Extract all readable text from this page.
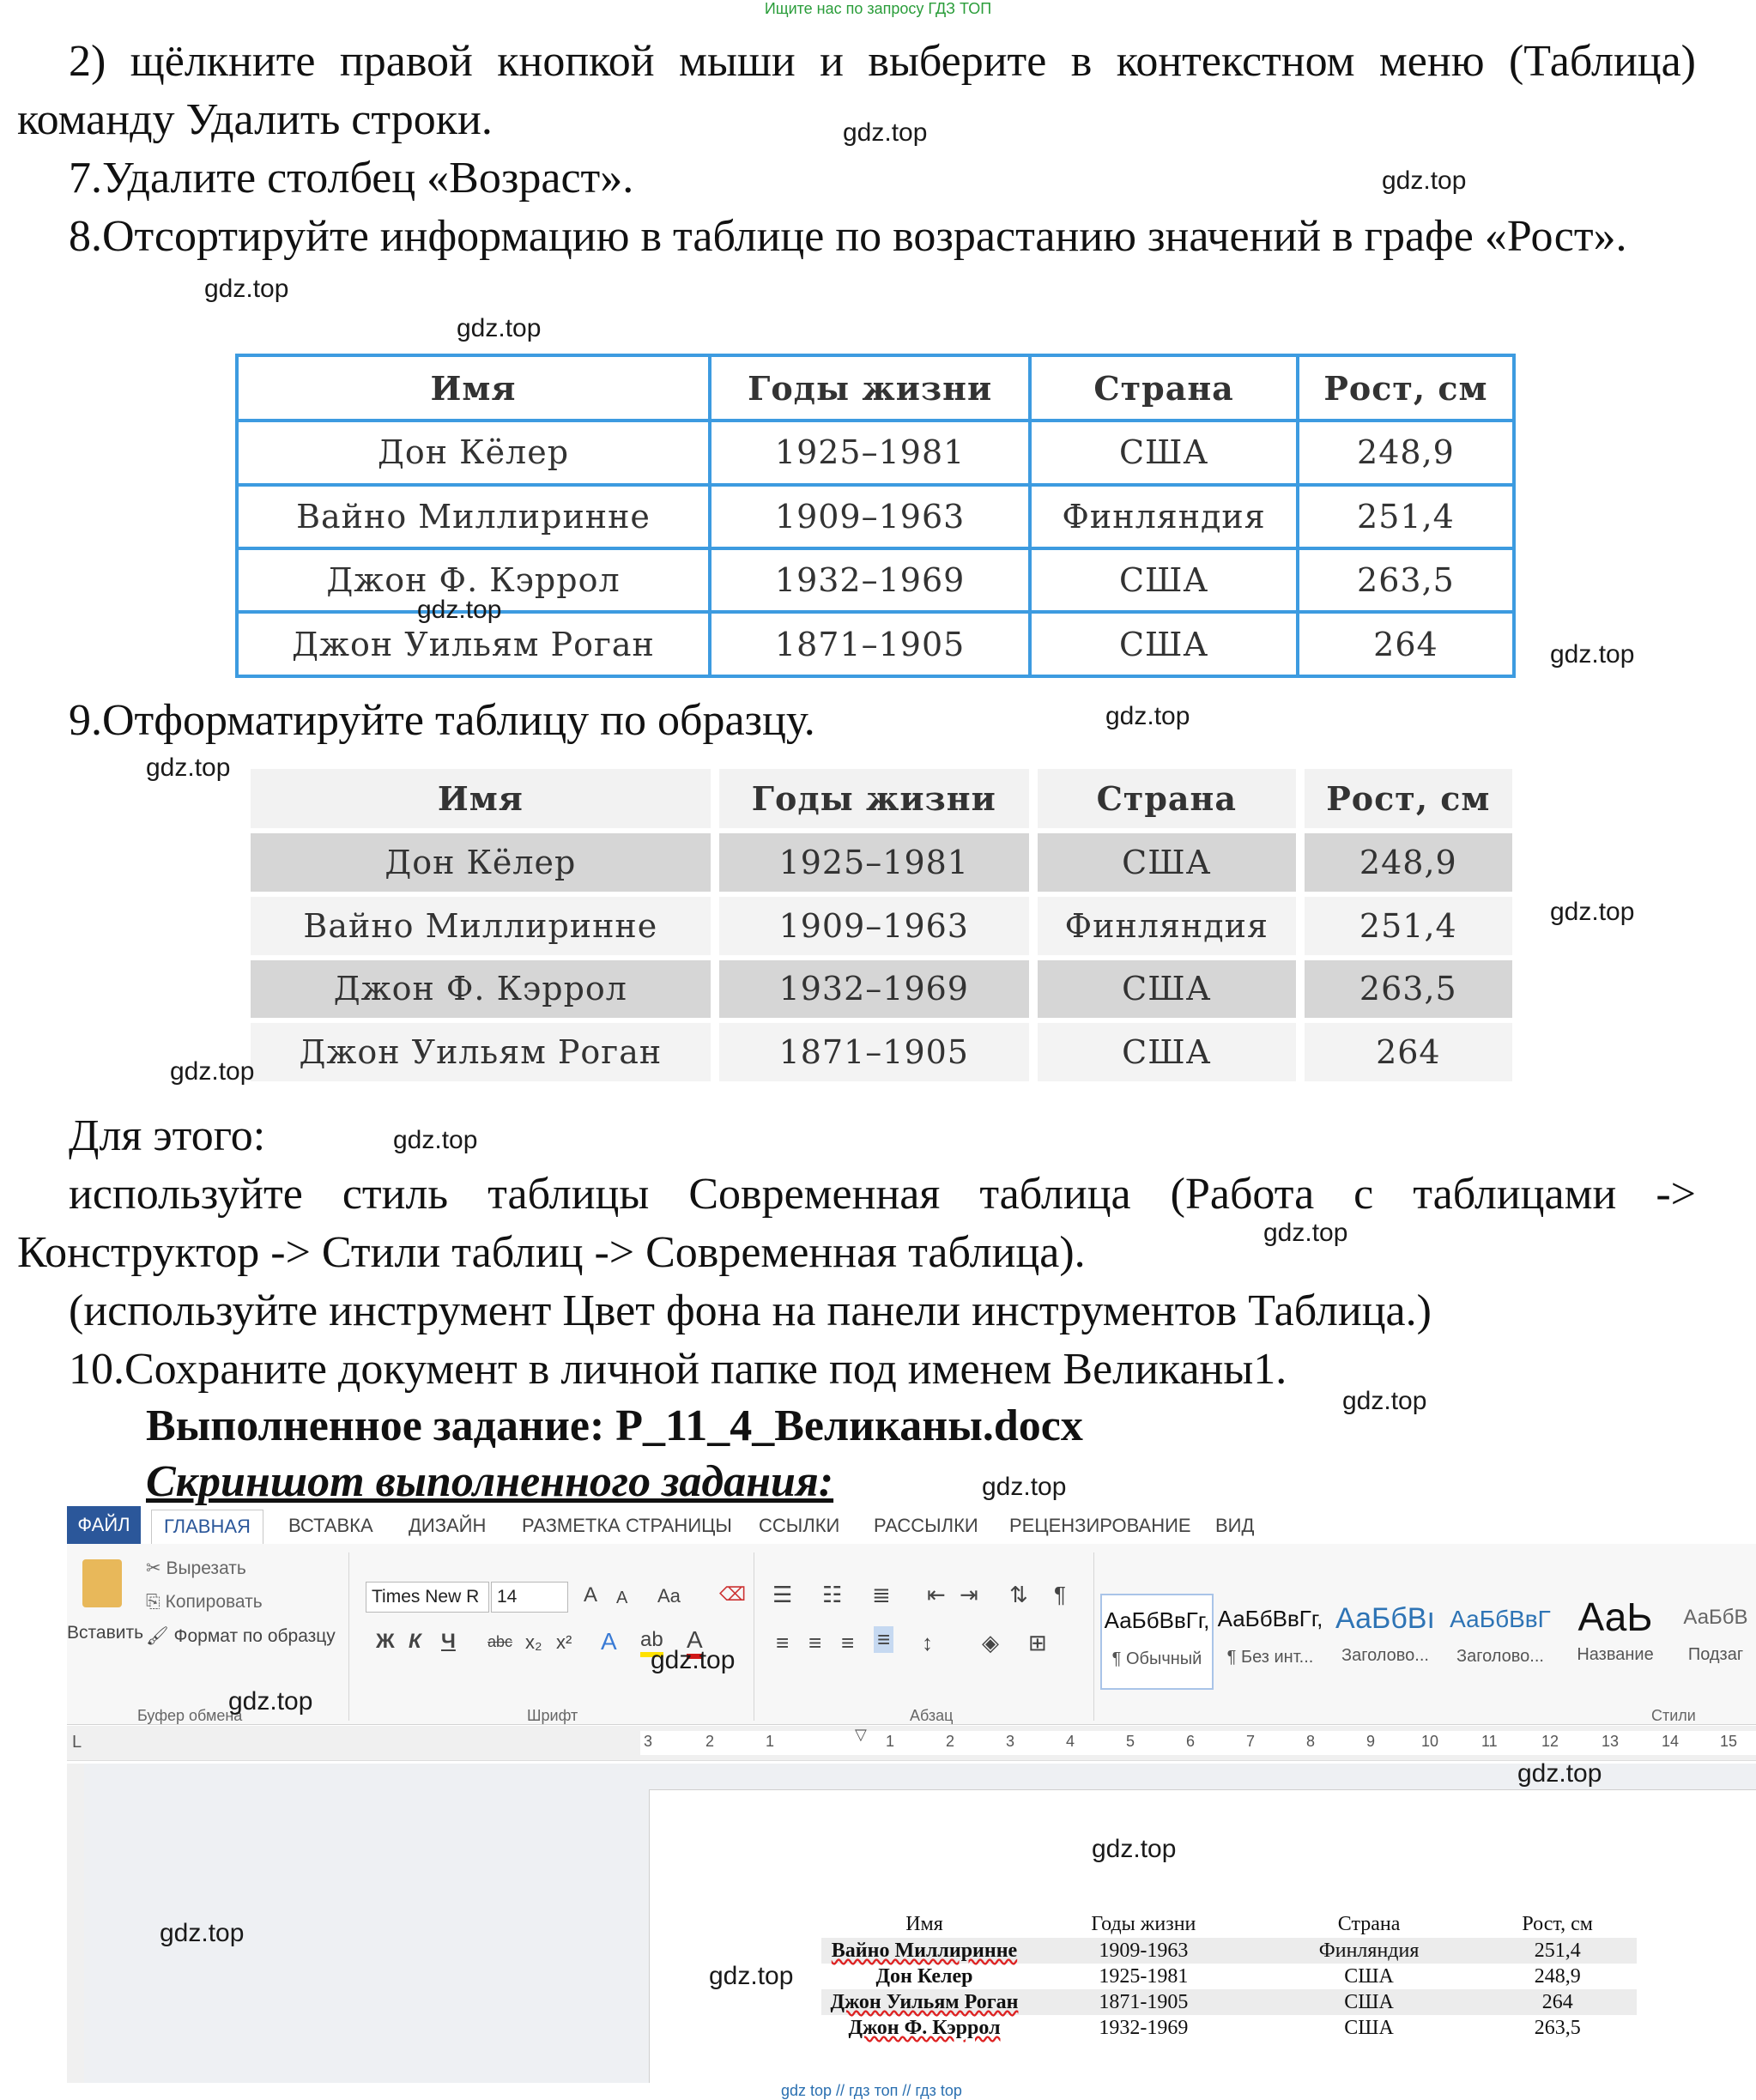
Ищите нас по запросу ГДЗ ТОП
2) щёлкните правой кнопкой мыши и выберите в контекстном меню (Таблица) команду Удалить строки.
7.Удалите столбец «Возраст».
8.Отсортируйте информацию в таблице по возрастанию значений в графе «Рост».
Имя	Годы жизни	Страна	Рост, см
Дон Кёлер	1925–1981	США	248,9
Вайно Миллиринне	1909–1963	Финляндия	251,4
Джон Ф. Кэррол	1932–1969	США	263,5
Джон Уильям Роган	1871–1905	США	264
9.Отформатируйте таблицу по образцу.
Имя	Годы жизни	Страна	Рост, см
Дон Кёлер	1925–1981	США	248,9
Вайно Миллиринне	1909–1963	Финляндия	251,4
Джон Ф. Кэррол	1932–1969	США	263,5
Джон Уильям Роган	1871–1905	США	264
Для этого:
используйте стиль таблицы Современная таблица (Работа с таблицами -> Конструктор -> Стили таблиц -> Современная таблица).
(используйте инструмент Цвет фона на панели инструментов Таблица.)
10.Сохраните документ в личной папке под именем Великаны1.
Выполненное задание: Р_11_4_Великаны.docx
Скриншот выполненного задания:
ФАЙЛ	ГЛАВНАЯ	ВСТАВКА ДИЗАЙН РАЗМЕТКА СТРАНИЦЫ ССЫЛКИ РАССЫЛКИ РЕЦЕНЗИРОВАНИЕ ВИД
Вставить
✂ Вырезать
⎘ Копировать
🖌 Формат по образцу
Буфер обмена
Times New R 14	A A Aa ⌫
Ж К Ч abc x₂ x² A ab A
Шрифт
☰ ☷ ≣ ⇤ ⇥ ⇅ ¶
≡ ≡ ≡ ≡ ↕ ◈ ⊞
Абзац
АаБбВвГг,
¶ Обычный
АаБбВвГг,
¶ Без инт...
АаБбВı
Заголово...
АаБбВвГ
Заголово...
АаЬ
Название
АаБбВ
Подзаг
Стили
L	3	2	1	1	2	3	4	5	6	7	8	9	10	11	12	13	14	15
▽
Имя	Годы жизни	Страна	Рост, см
Вайно Миллиринне	1909-1963	Финляндия	251,4
Дон Келер	1925-1981	США	248,9
Джон Уильям Роган	1871-1905	США	264
Джон Ф. Кэррол	1932-1969	США	263,5
gdz.top
gdz.top
gdz.top
gdz.top
gdz.top
gdz.top
gdz.top
gdz.top
gdz.top
gdz.top
gdz.top
gdz.top
gdz.top
gdz.top
gdz.top
gdz.top
gdz.top
gdz.top
gdz.top
gdz.top
gdz top // гдз топ // гдз top
